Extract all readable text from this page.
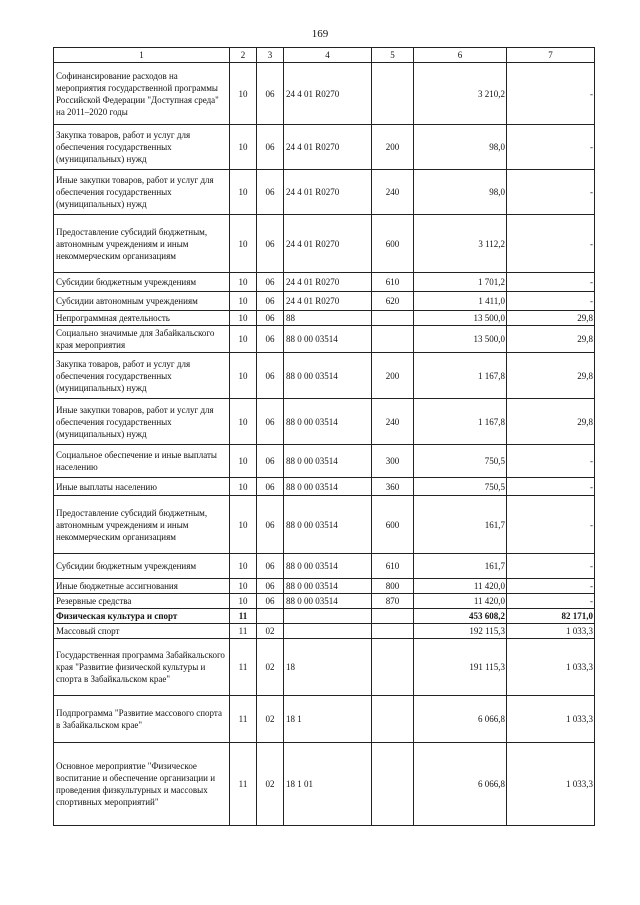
169
1	2	3	4	5	6	7
Софинансирование расходов на мероприятия государственной программы Российской Федерации "Доступная среда" на 2011–2020 годы	10	06	24 4 01 R0270		3 210,2	-
Закупка товаров, работ и услуг для обеспечения государственных (муниципальных) нужд	10	06	24 4 01 R0270	200	98,0	-
Иные закупки товаров, работ и услуг для обеспечения государственных (муниципальных) нужд	10	06	24 4 01 R0270	240	98,0	-
Предоставление субсидий бюджетным, автономным учреждениям и иным некоммерческим организациям	10	06	24 4 01 R0270	600	3 112,2	-
Субсидии бюджетным учреждениям	10	06	24 4 01 R0270	610	1 701,2	-
Субсидии автономным учреждениям	10	06	24 4 01 R0270	620	1 411,0	-
Непрограммная деятельность	10	06	88		13 500,0	29,8
Социально значимые для Забайкальского края мероприятия	10	06	88 0 00 03514		13 500,0	29,8
Закупка товаров, работ и услуг для обеспечения государственных (муниципальных) нужд	10	06	88 0 00 03514	200	1 167,8	29,8
Иные закупки товаров, работ и услуг для обеспечения государственных (муниципальных) нужд	10	06	88 0 00 03514	240	1 167,8	29,8
Социальное обеспечение и иные выплаты населению	10	06	88 0 00 03514	300	750,5	-
Иные выплаты населению	10	06	88 0 00 03514	360	750,5	-
Предоставление субсидий бюджетным, автономным учреждениям и иным некоммерческим организациям	10	06	88 0 00 03514	600	161,7	-
Субсидии бюджетным учреждениям	10	06	88 0 00 03514	610	161,7	-
Иные бюджетные ассигнования	10	06	88 0 00 03514	800	11 420,0	-
Резервные средства	10	06	88 0 00 03514	870	11 420,0	-
Физическая культура и спорт	11				453 608,2	82 171,0
Массовый спорт	11	02			192 115,3	1 033,3
Государственная программа Забайкальского края "Развитие физической культуры и спорта в Забайкальском крае"	11	02	18		191 115,3	1 033,3
Подпрограмма "Развитие массового спорта в Забайкальском крае"	11	02	18 1		6 066,8	1 033,3
Основное мероприятие "Физическое воспитание и обеспечение организации и проведения физкультурных и массовых спортивных мероприятий"	11	02	18 1 01		6 066,8	1 033,3
